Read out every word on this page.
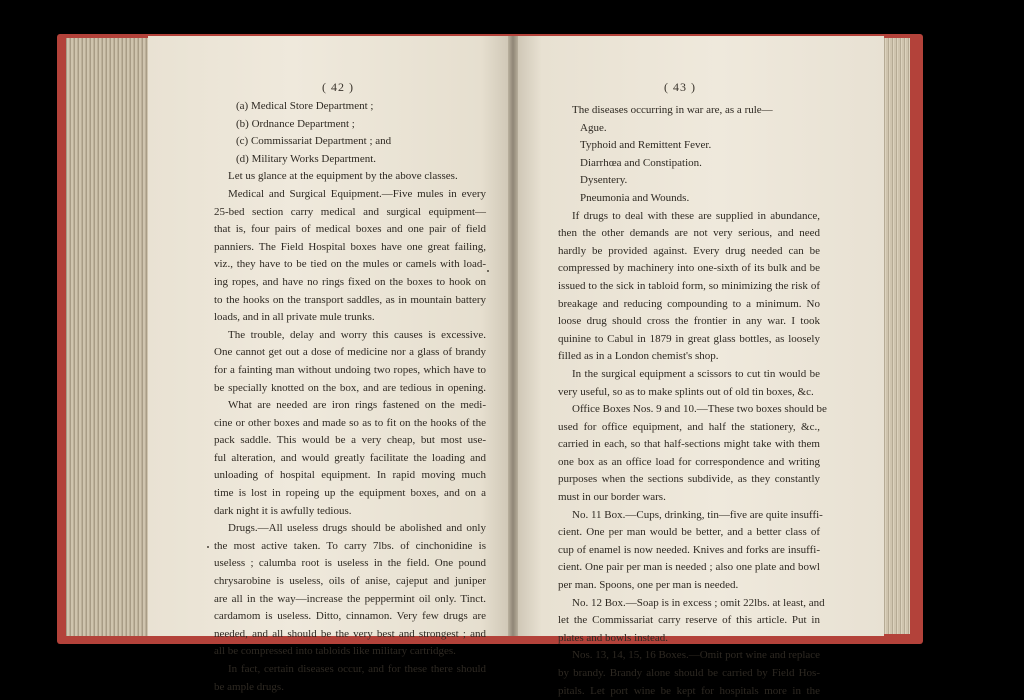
( 42 )	( 43 )
(a) Medical Store Department ;
(b) Ordnance Department ;
(c) Commissariat Department ; and
(d) Military Works Department.
Let us glance at the equipment by the above classes.
Medical and Surgical Equipment.—Five mules in every
25-bed section carry medical and surgical equipment—
that is, four pairs of medical boxes and one pair of field
panniers. The Field Hospital boxes have one great failing,
viz., they have to be tied on the mules or camels with load-
ing ropes, and have no rings fixed on the boxes to hook on
to the hooks on the transport saddles, as in mountain battery
loads, and in all private mule trunks.
The trouble, delay and worry this causes is excessive.
One cannot get out a dose of medicine nor a glass of brandy
for a fainting man without undoing two ropes, which have to
be specially knotted on the box, and are tedious in opening.
What are needed are iron rings fastened on the medi-
cine or other boxes and made so as to fit on the hooks of the
pack saddle. This would be a very cheap, but most use-
ful alteration, and would greatly facilitate the loading and
unloading of hospital equipment. In rapid moving much
time is lost in ropeing up the equipment boxes, and on a
dark night it is awfully tedious.
Drugs.—All useless drugs should be abolished and only
the most active taken. To carry 7lbs. of cinchonidine is
useless ; calumba root is useless in the field. One pound
chrysarobine is useless, oils of anise, cajeput and juniper
are all in the way—increase the peppermint oil only. Tinct.
cardamom is useless. Ditto, cinnamon. Very few drugs are
needed, and all should be the very best and strongest ; and
all be compressed into tabloids like military cartridges.
In fact, certain diseases occur, and for these there should
be ample drugs.
The diseases occurring in war are, as a rule—
Ague.
Typhoid and Remittent Fever.
Diarrhœa and Constipation.
Dysentery.
Pneumonia and Wounds.
If drugs to deal with these are supplied in abundance,
then the other demands are not very serious, and need
hardly be provided against. Every drug needed can be
compressed by machinery into one-sixth of its bulk and be
issued to the sick in tabloid form, so minimizing the risk of
breakage and reducing compounding to a minimum. No
loose drug should cross the frontier in any war. I took
quinine to Cabul in 1879 in great glass bottles, as loosely
filled as in a London chemist's shop.
In the surgical equipment a scissors to cut tin would be
very useful, so as to make splints out of old tin boxes, &c.
Office Boxes Nos. 9 and 10.—These two boxes should be
used for office equipment, and half the stationery, &c.,
carried in each, so that half-sections might take with them
one box as an office load for correspondence and writing
purposes when the sections subdivide, as they constantly
must in our border wars.
No. 11 Box.—Cups, drinking, tin—five are quite insuffi-
cient. One per man would be better, and a better class of
cup of enamel is now needed. Knives and forks are insuffi-
cient. One pair per man is needed ; also one plate and bowl
per man. Spoons, one per man is needed.
No. 12 Box.—Soap is in excess ; omit 22lbs. at least, and
let the Commissariat carry reserve of this article. Put in
plates and bowls instead.
Nos. 13, 14, 15, 16 Boxes.—Omit port wine and replace
by brandy. Brandy alone should be carried by Field Hos-
pitals. Let port wine be kept for hospitals more in the
